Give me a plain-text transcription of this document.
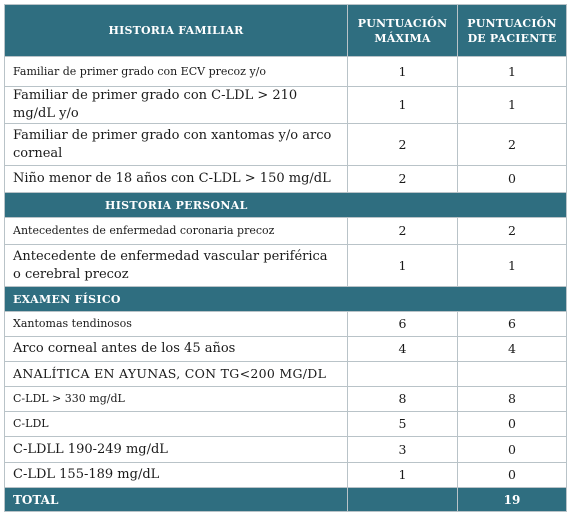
HISTORIA FAMILIAR	PUNTUACIÓN MÁXIMA	PUNTUACIÓN DE PACIENTE
Familiar de primer grado con ECV precoz y/o	1	1
Familiar de primer grado con C-LDL > 210 mg/dL y/o	1	1
Familiar de primer grado con xantomas y/o arco corneal	2	2
Niño menor de 18 años con C-LDL > 150 mg/dL	2	0
HISTORIA PERSONAL		
Antecedentes de enfermedad coronaria precoz	2	2
Antecedente de enfermedad vascular periférica o cerebral precoz	1	1
EXAMEN FÍSICO		
Xantomas tendinosos	6	6
Arco corneal antes de los 45 años	4	4
ANALÍTICA EN AYUNAS, CON TG<200 MG/DL		
C-LDL > 330 mg/dL	8	8
C-LDL	5	0
C-LDLL 190-249 mg/dL	3	0
C-LDL 155-189 mg/dL	1	0
TOTAL		19
